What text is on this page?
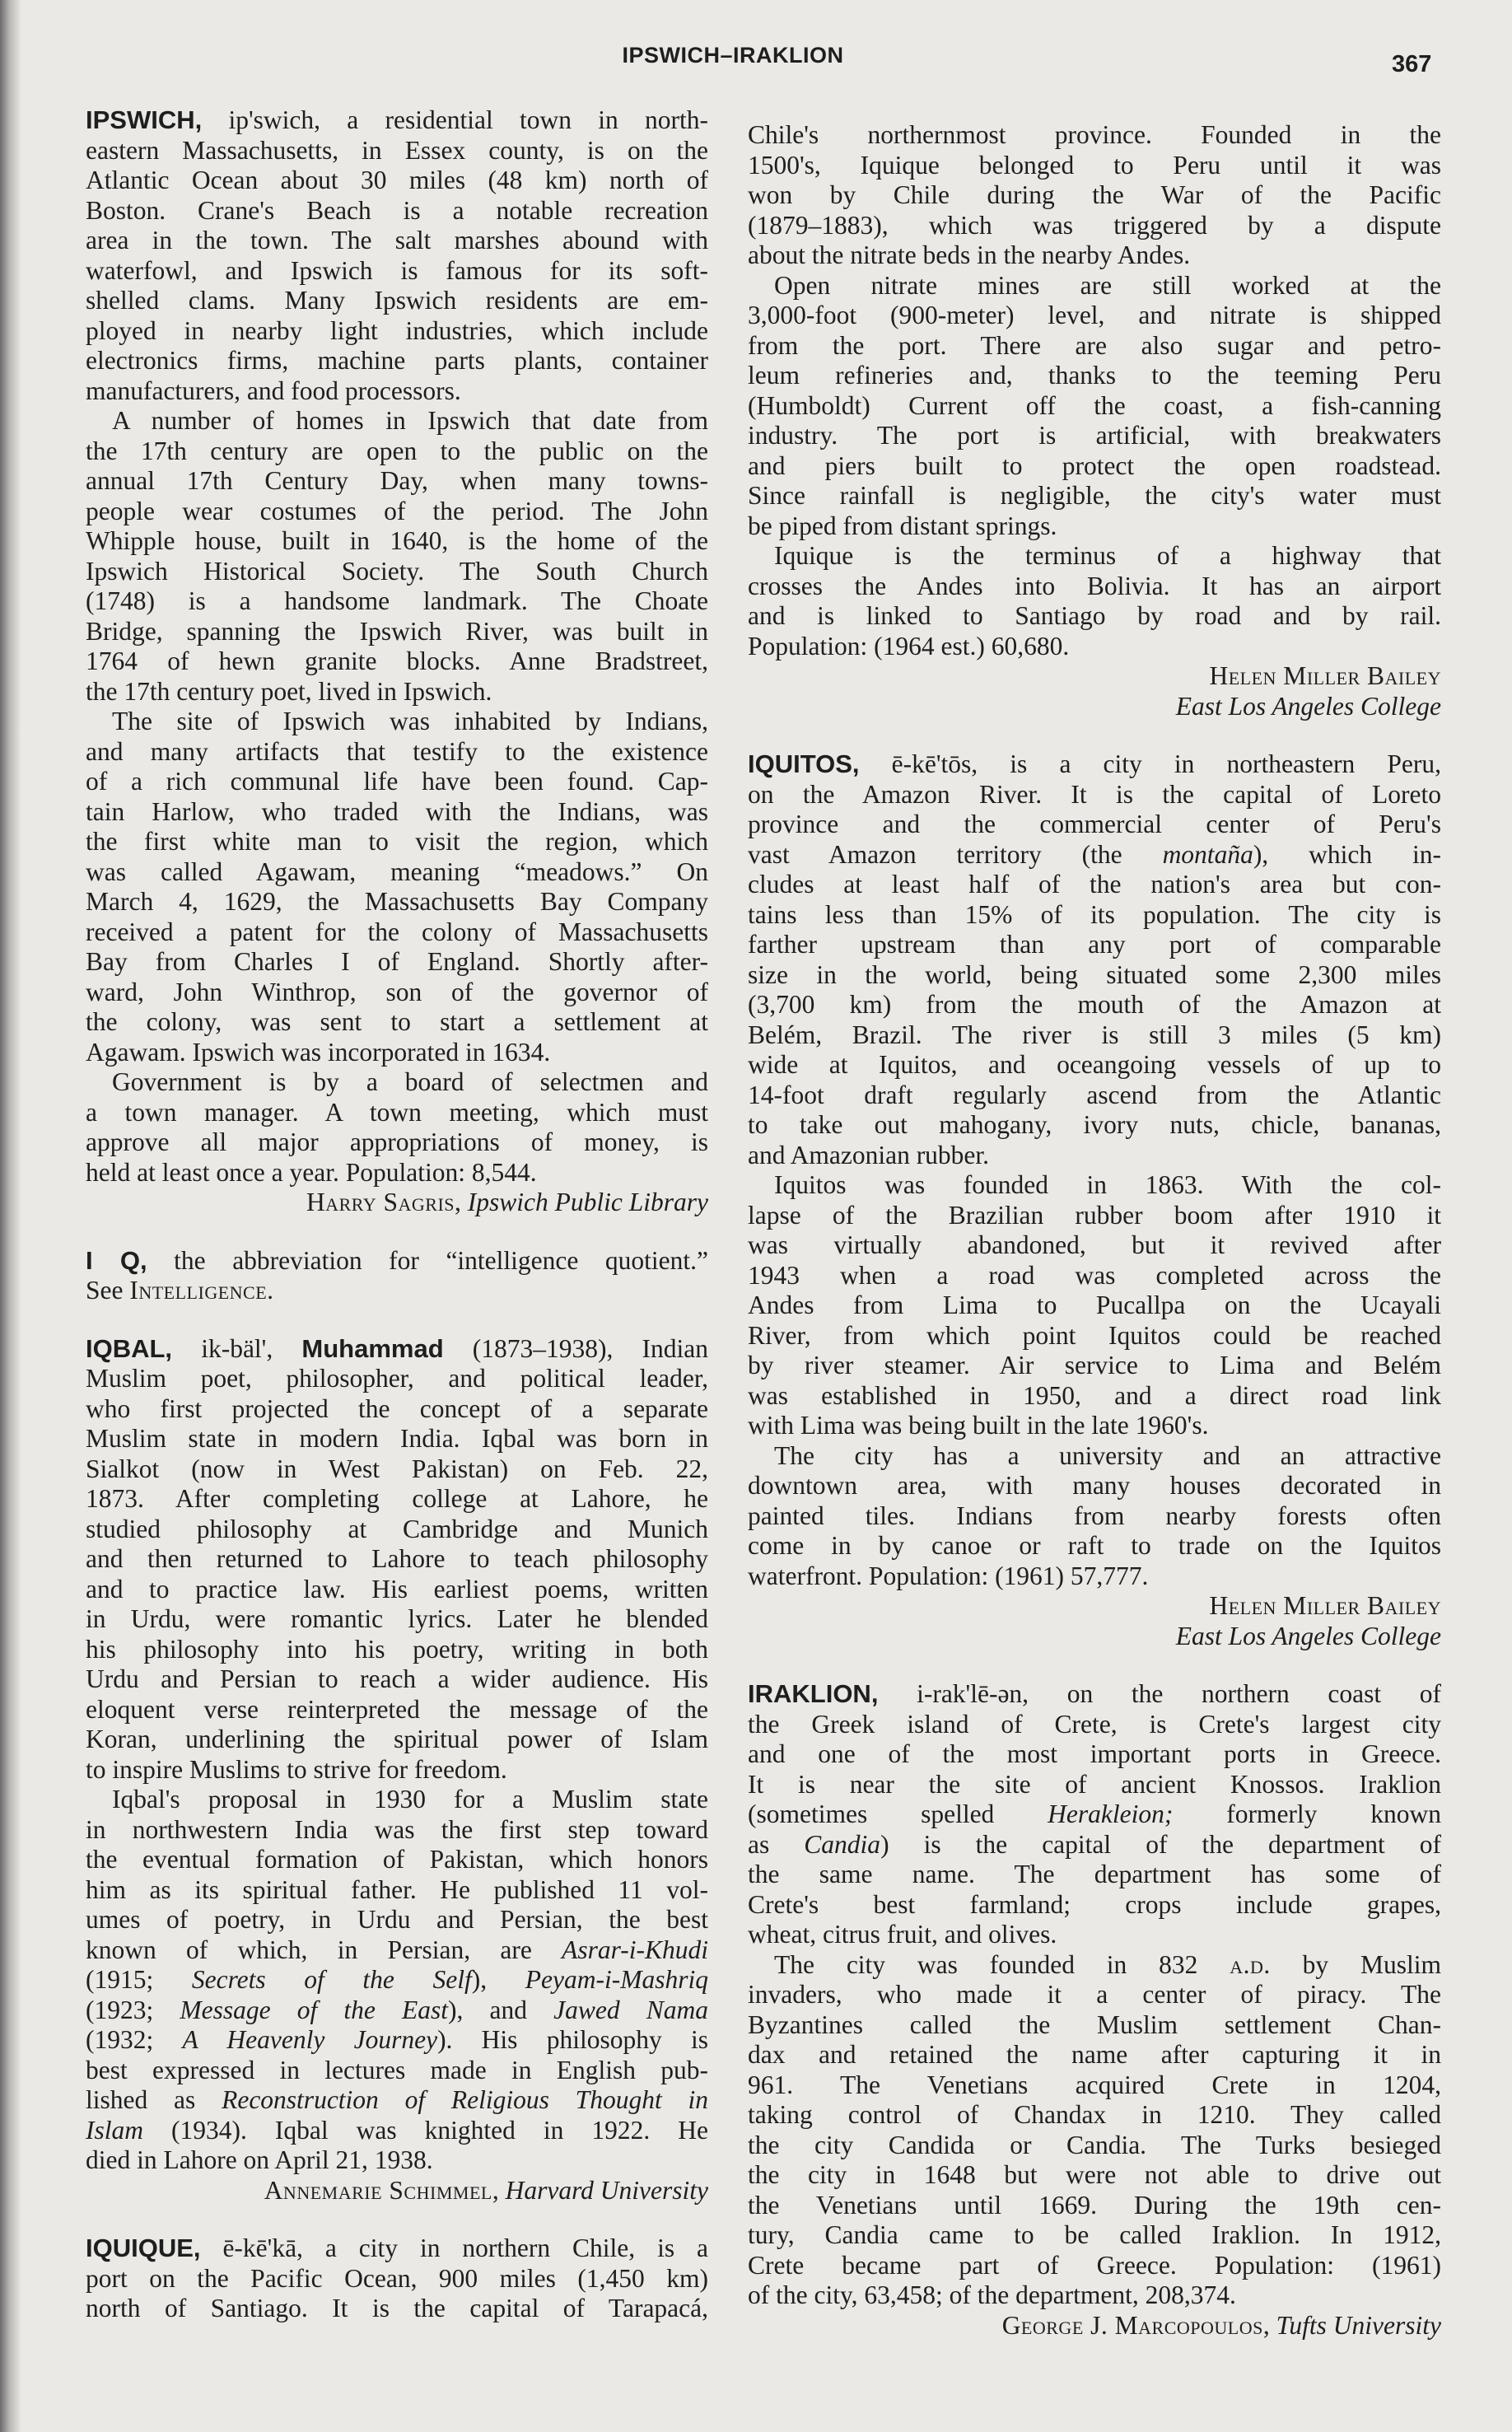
IPSWICH–IRAKLION	367
IPSWICH, ip'swich, a residential town in north-
eastern Massachusetts, in Essex county, is on the
Atlantic Ocean about 30 miles (48 km) north of
Boston. Crane's Beach is a notable recreation
area in the town. The salt marshes abound with
waterfowl, and Ipswich is famous for its soft-
shelled clams. Many Ipswich residents are em-
ployed in nearby light industries, which include
electronics firms, machine parts plants, container
manufacturers, and food processors.
A number of homes in Ipswich that date from
the 17th century are open to the public on the
annual 17th Century Day, when many towns-
people wear costumes of the period. The John
Whipple house, built in 1640, is the home of the
Ipswich Historical Society. The South Church
(1748) is a handsome landmark. The Choate
Bridge, spanning the Ipswich River, was built in
1764 of hewn granite blocks. Anne Bradstreet,
the 17th century poet, lived in Ipswich.
The site of Ipswich was inhabited by Indians,
and many artifacts that testify to the existence
of a rich communal life have been found. Cap-
tain Harlow, who traded with the Indians, was
the first white man to visit the region, which
was called Agawam, meaning “meadows.” On
March 4, 1629, the Massachusetts Bay Company
received a patent for the colony of Massachusetts
Bay from Charles I of England. Shortly after-
ward, John Winthrop, son of the governor of
the colony, was sent to start a settlement at
Agawam. Ipswich was incorporated in 1634.
Government is by a board of selectmen and
a town manager. A town meeting, which must
approve all major appropriations of money, is
held at least once a year. Population: 8,544.
Harry Sagris, Ipswich Public Library
I Q, the abbreviation for “intelligence quotient.”
See Intelligence.
IQBAL, ik-bäl', Muhammad (1873–1938), Indian
Muslim poet, philosopher, and political leader,
who first projected the concept of a separate
Muslim state in modern India. Iqbal was born in
Sialkot (now in West Pakistan) on Feb. 22,
1873. After completing college at Lahore, he
studied philosophy at Cambridge and Munich
and then returned to Lahore to teach philosophy
and to practice law. His earliest poems, written
in Urdu, were romantic lyrics. Later he blended
his philosophy into his poetry, writing in both
Urdu and Persian to reach a wider audience. His
eloquent verse reinterpreted the message of the
Koran, underlining the spiritual power of Islam
to inspire Muslims to strive for freedom.
Iqbal's proposal in 1930 for a Muslim state
in northwestern India was the first step toward
the eventual formation of Pakistan, which honors
him as its spiritual father. He published 11 vol-
umes of poetry, in Urdu and Persian, the best
known of which, in Persian, are Asrar-i-Khudi
(1915; Secrets of the Self), Peyam-i-Mashriq
(1923; Message of the East), and Jawed Nama
(1932; A Heavenly Journey). His philosophy is
best expressed in lectures made in English pub-
lished as Reconstruction of Religious Thought in
Islam (1934). Iqbal was knighted in 1922. He
died in Lahore on April 21, 1938.
Annemarie Schimmel, Harvard University
IQUIQUE, ē-kē'kā, a city in northern Chile, is a
port on the Pacific Ocean, 900 miles (1,450 km)
north of Santiago. It is the capital of Tarapacá,
Chile's northernmost province. Founded in the
1500's, Iquique belonged to Peru until it was
won by Chile during the War of the Pacific
(1879–1883), which was triggered by a dispute
about the nitrate beds in the nearby Andes.
Open nitrate mines are still worked at the
3,000-foot (900-meter) level, and nitrate is shipped
from the port. There are also sugar and petro-
leum refineries and, thanks to the teeming Peru
(Humboldt) Current off the coast, a fish-canning
industry. The port is artificial, with breakwaters
and piers built to protect the open roadstead.
Since rainfall is negligible, the city's water must
be piped from distant springs.
Iquique is the terminus of a highway that
crosses the Andes into Bolivia. It has an airport
and is linked to Santiago by road and by rail.
Population: (1964 est.) 60,680.
Helen Miller Bailey
East Los Angeles College
IQUITOS, ē-kē'tōs, is a city in northeastern Peru,
on the Amazon River. It is the capital of Loreto
province and the commercial center of Peru's
vast Amazon territory (the montaña), which in-
cludes at least half of the nation's area but con-
tains less than 15% of its population. The city is
farther upstream than any port of comparable
size in the world, being situated some 2,300 miles
(3,700 km) from the mouth of the Amazon at
Belém, Brazil. The river is still 3 miles (5 km)
wide at Iquitos, and oceangoing vessels of up to
14-foot draft regularly ascend from the Atlantic
to take out mahogany, ivory nuts, chicle, bananas,
and Amazonian rubber.
Iquitos was founded in 1863. With the col-
lapse of the Brazilian rubber boom after 1910 it
was virtually abandoned, but it revived after
1943 when a road was completed across the
Andes from Lima to Pucallpa on the Ucayali
River, from which point Iquitos could be reached
by river steamer. Air service to Lima and Belém
was established in 1950, and a direct road link
with Lima was being built in the late 1960's.
The city has a university and an attractive
downtown area, with many houses decorated in
painted tiles. Indians from nearby forests often
come in by canoe or raft to trade on the Iquitos
waterfront. Population: (1961) 57,777.
Helen Miller Bailey
East Los Angeles College
IRAKLION, i-rak'lē-ən, on the northern coast of
the Greek island of Crete, is Crete's largest city
and one of the most important ports in Greece.
It is near the site of ancient Knossos. Iraklion
(sometimes spelled Herakleion; formerly known
as Candia) is the capital of the department of
the same name. The department has some of
Crete's best farmland; crops include grapes,
wheat, citrus fruit, and olives.
The city was founded in 832 a.d. by Muslim
invaders, who made it a center of piracy. The
Byzantines called the Muslim settlement Chan-
dax and retained the name after capturing it in
961. The Venetians acquired Crete in 1204,
taking control of Chandax in 1210. They called
the city Candida or Candia. The Turks besieged
the city in 1648 but were not able to drive out
the Venetians until 1669. During the 19th cen-
tury, Candia came to be called Iraklion. In 1912,
Crete became part of Greece. Population: (1961)
of the city, 63,458; of the department, 208,374.
George J. Marcopoulos, Tufts University
